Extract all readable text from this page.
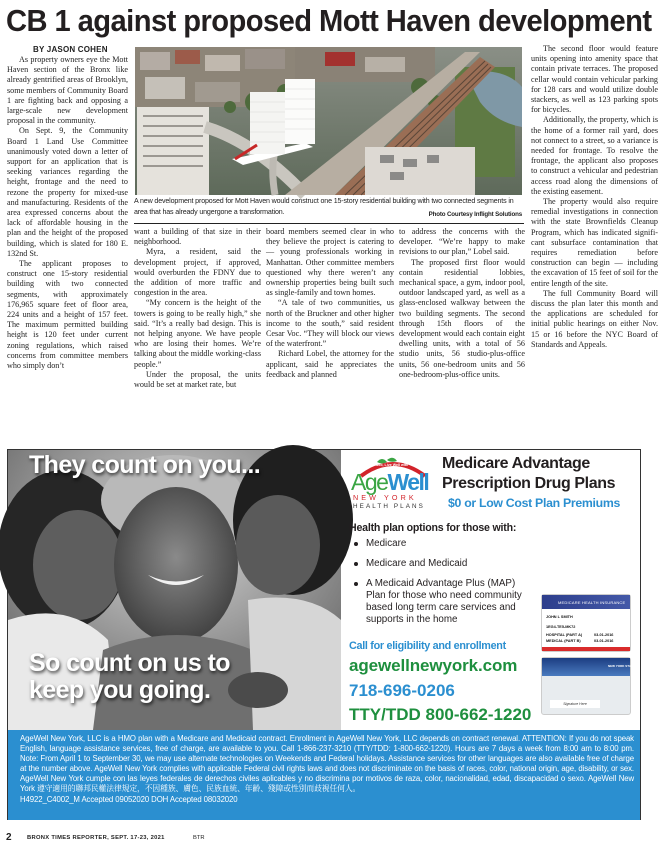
CB 1 against proposed Mott Haven development

BY JASON COHEN

As property owners eye the Mott Haven section of the Bronx like already gentrified areas of Brooklyn, some members of Community Board 1 are fighting back and opposing a large-scale new development proposal in the community.

On Sept. 9, the Community Board 1 Land Use Committee unanimously voted down a letter of support for an application that is seeking variances regarding the height, frontage and the need to rezone the property for mixed-use and manufacturing. Residents of the area expressed concerns about the lack of affordable housing in the plan and the height of the proposed building, which is slated for 180 E. 132nd St.

The applicant proposes to construct one 15-story residential building with two connected segments, with approximately 176,965 square feet of floor area, 224 units and a height of 157 feet. The maximum permitted building height is 120 feet under current zoning regulations, which raised concerns from committee members who simply don’t

A new development proposed for Mott Haven would construct one 15-story residential building with two connected segments in area that has already ungergone a transformation.	Photo Courtesy Inflight Solutions

want a building of that size in their neighborhood.

Myra, a resident, said the development project, if approved, would overburden the FDNY due to the addition of more traffic and congestion in the area.

“My concern is the height of the towers is going to be really high,” she said. “It’s a really bad design. This is not helping anyone. We have people who are losing their homes. We’re talking about the middle working-class people.”

Under the proposal, the units would be set at market rate, but

board members seemed clear in who they believe the project is catering to — young professionals working in Manhattan. Other committee members questioned why there weren’t any ownership properties being built such as single-family and town homes.

“A tale of two communities, us north of the Bruckner and other higher income to the south,” said resident Cesar Voc. “They will block our views of the waterfront.”

Richard Lobel, the attorney for the applicant, said he appreciates the feedback and planned

to address the concerns with the developer. “We’re happy to make revisions to our plan,” Lobel said.

The proposed first floor would contain residential lobbies, mechanical space, a gym, indoor pool, outdoor landscaped yard, as well as a glass-enclosed walkway between the two building segments. The second through 15th floors of the development would each contain eight dwelling units, with a total of 56 studio units, 56 studio-plus-office units, 56 one-bedroom units and 56 one-bedroom-plus-office units.

The second floor would feature units opening into amenity space that contain private terraces. The proposed cellar would contain vehicular parking for 128 cars and would utilize double stackers, as well as 123 parking spots for bicycles.

Additionally, the property, which is the home of a former rail yard, does not connect to a street, so a variance is needed for frontage. To resolve the frontage, the applicant also proposes to construct a vehicular and pedestrian access road along the dimensions of the existing easement.

The property would also require remedial investigations in connection with the state Brownfields Cleanup Program, which has indicated significant subsurface contamination that requires remediation before construction can begin — including the excavation of 15 feet of soil for the entire length of the site.

The full Community Board will discuss the plan later this month and the applications are scheduled for initial public hearings on either Nov. 15 or 16 before the NYC Board of Standards and Appeals.

They count on you...
So count on us to
keep you going.
Feel Well, Live Well with
AgeWell
NEW YORK
HEALTH PLANS
Medicare Advantage
Prescription Drug Plans
$0 or Low Cost Plan Premiums
Health plan options for those with:
Medicare
Medicare and Medicaid
A Medicaid Advantage Plus (MAP) Plan for those who need community based long term care services and supports in the home
MEDICARE HEALTH INSURANCE
JOHN L SMITH
1EG4-TE5-MK72
HOSPITAL (PART A)
MEDICAL (PART B)
03-01-2016
03-01-2016
NEW YORK STATE
Signature Here
Call for eligibility and enrollment
agewellnewyork.com
718-696-0206
TTY/TDD 800-662-1220
AgeWell New York, LLC is a HMO plan with a Medicare and Medicaid contract. Enrollment in AgeWell New York, LLC depends on contract renewal. ATTENTION: If you do not speak English, language assistance services, free of charge, are available to you. Call 1-866-237-3210 (TTY/TDD: 1-800-662-1220). Hours are 7 days a week from 8:00 am to 8:00 pm. Note: From April 1 to September 30, we may use alternate technologies on Weekends and Federal holidays. Assistance services for other languages are also available free of charge at the number above. AgeWell New York complies with applicable Federal civil rights laws and does not discriminate on the basis of races, color, national origin, age, disability, or sex. AgeWell New York cumple con las leyes federales de derechos civiles aplicables y no discrimina por motivos de raza, color, nacionalidad, edad, discapacidad o sexo. AgeWell New York 遵守適用的聯邦民權法律規定，不因種族、膚色、民族血統、年齡、殘障或性別而歧視任何人。
H4922_C4002_M Accepted 09052020 DOH Accepted 08032020
2	BRONX TIMES REPORTER, SEPT. 17-23, 2021	BTR
